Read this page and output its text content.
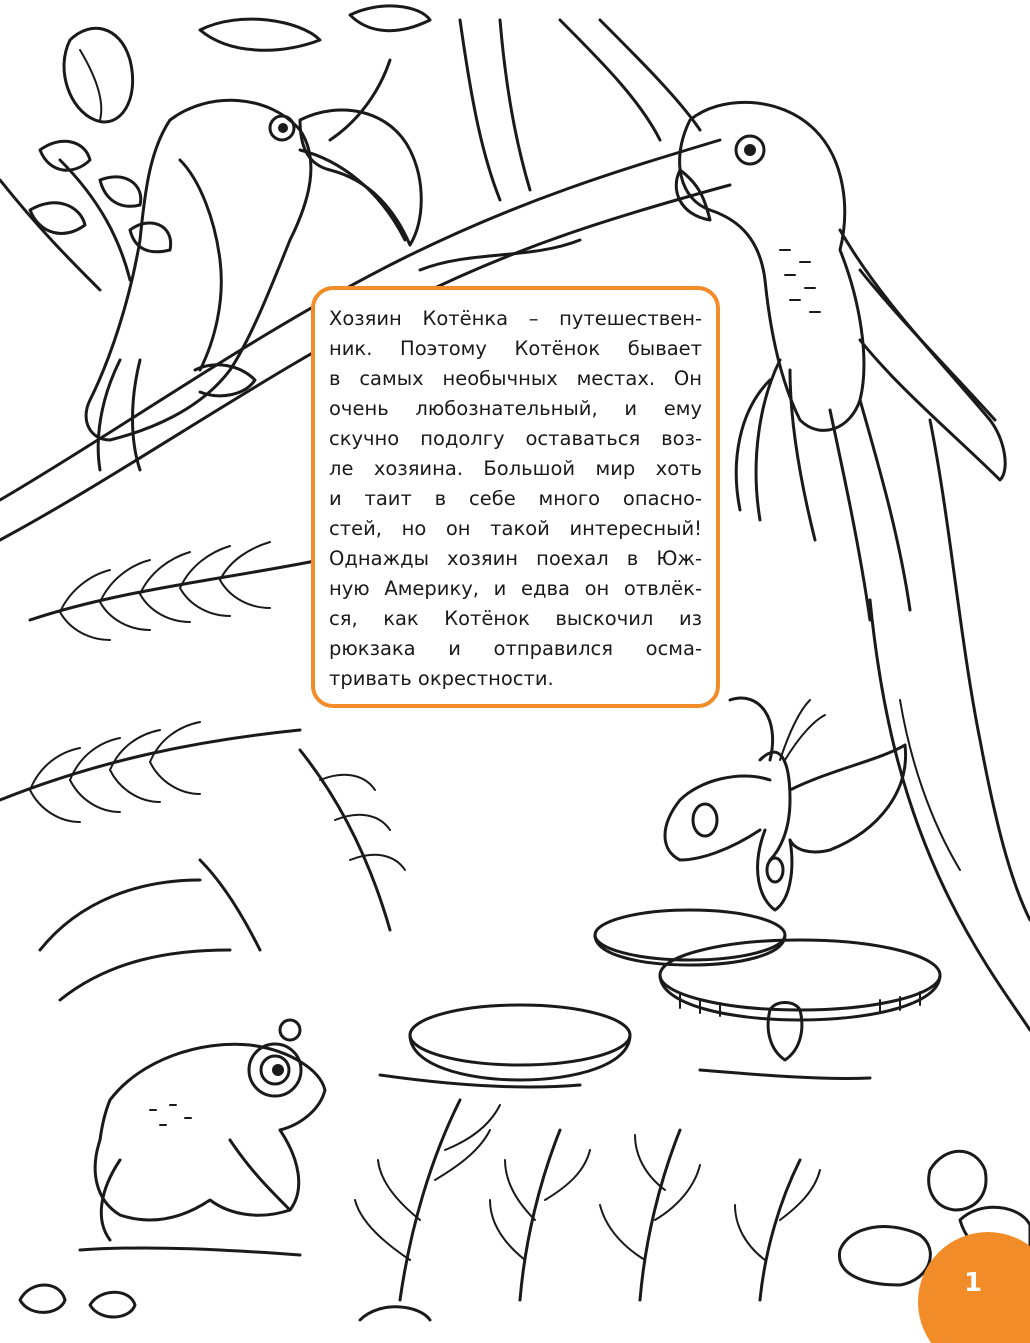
Хозяин Котёнка – путешествен-
ник. Поэтому Котёнок бывает
в самых необычных местах. Он
очень любознательный, и ему
скучно подолгу оставаться воз-
ле хозяина. Большой мир хоть
и таит в себе много опасно-
стей, но он такой интересный!
Однажды хозяин поехал в Юж-
ную Америку, и едва он отвлёк-
ся, как Котёнок выскочил из
рюкзака и отправился осма-
тривать окрестности.
1
